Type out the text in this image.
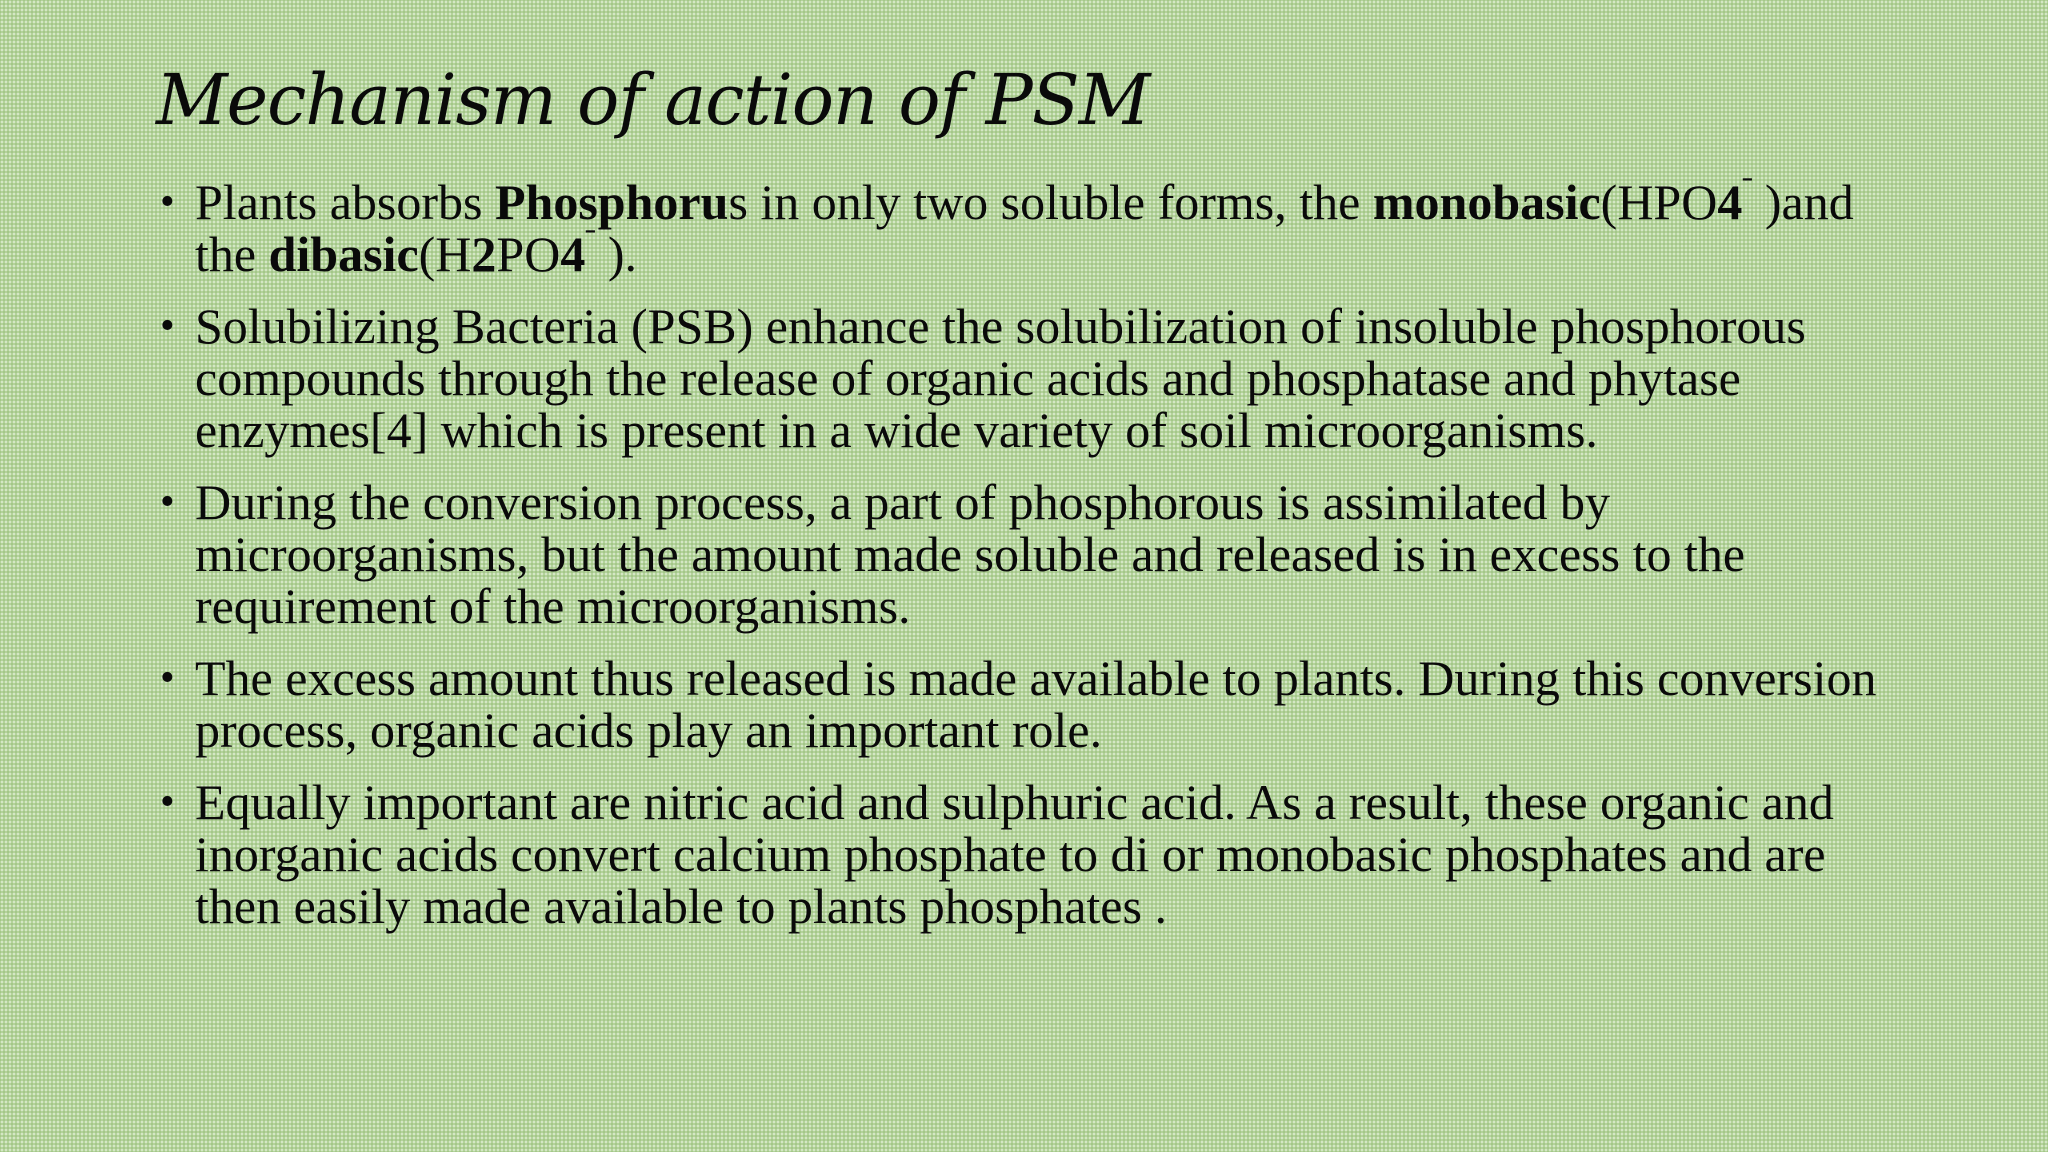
Mechanism of action of PSM
• Plants absorbs Phosphorus in only two soluble forms, the $monobasic(HPO4^ˉ$ )and the $dibasic(H2PO4^ˉ$ ).
• Solubilizing Bacteria (PSB) enhance the solubilization of insoluble phosphorous compounds through the release of organic acids and phosphatase and phytase enzymes[4] which is present in a wide variety of soil microorganisms.
• During the conversion process, a part of phosphorous is assimilated by microorganisms, but the amount made soluble and released is in excess to the requirement of the microorganisms.
• The excess amount thus released is made available to plants. During this conversion process, organic acids play an important role.
• Equally important are nitric acid and sulphuric acid. As a result, these organic and inorganic acids convert calcium phosphate to di or monobasic phosphates and are then easily made available to plants phosphates .
